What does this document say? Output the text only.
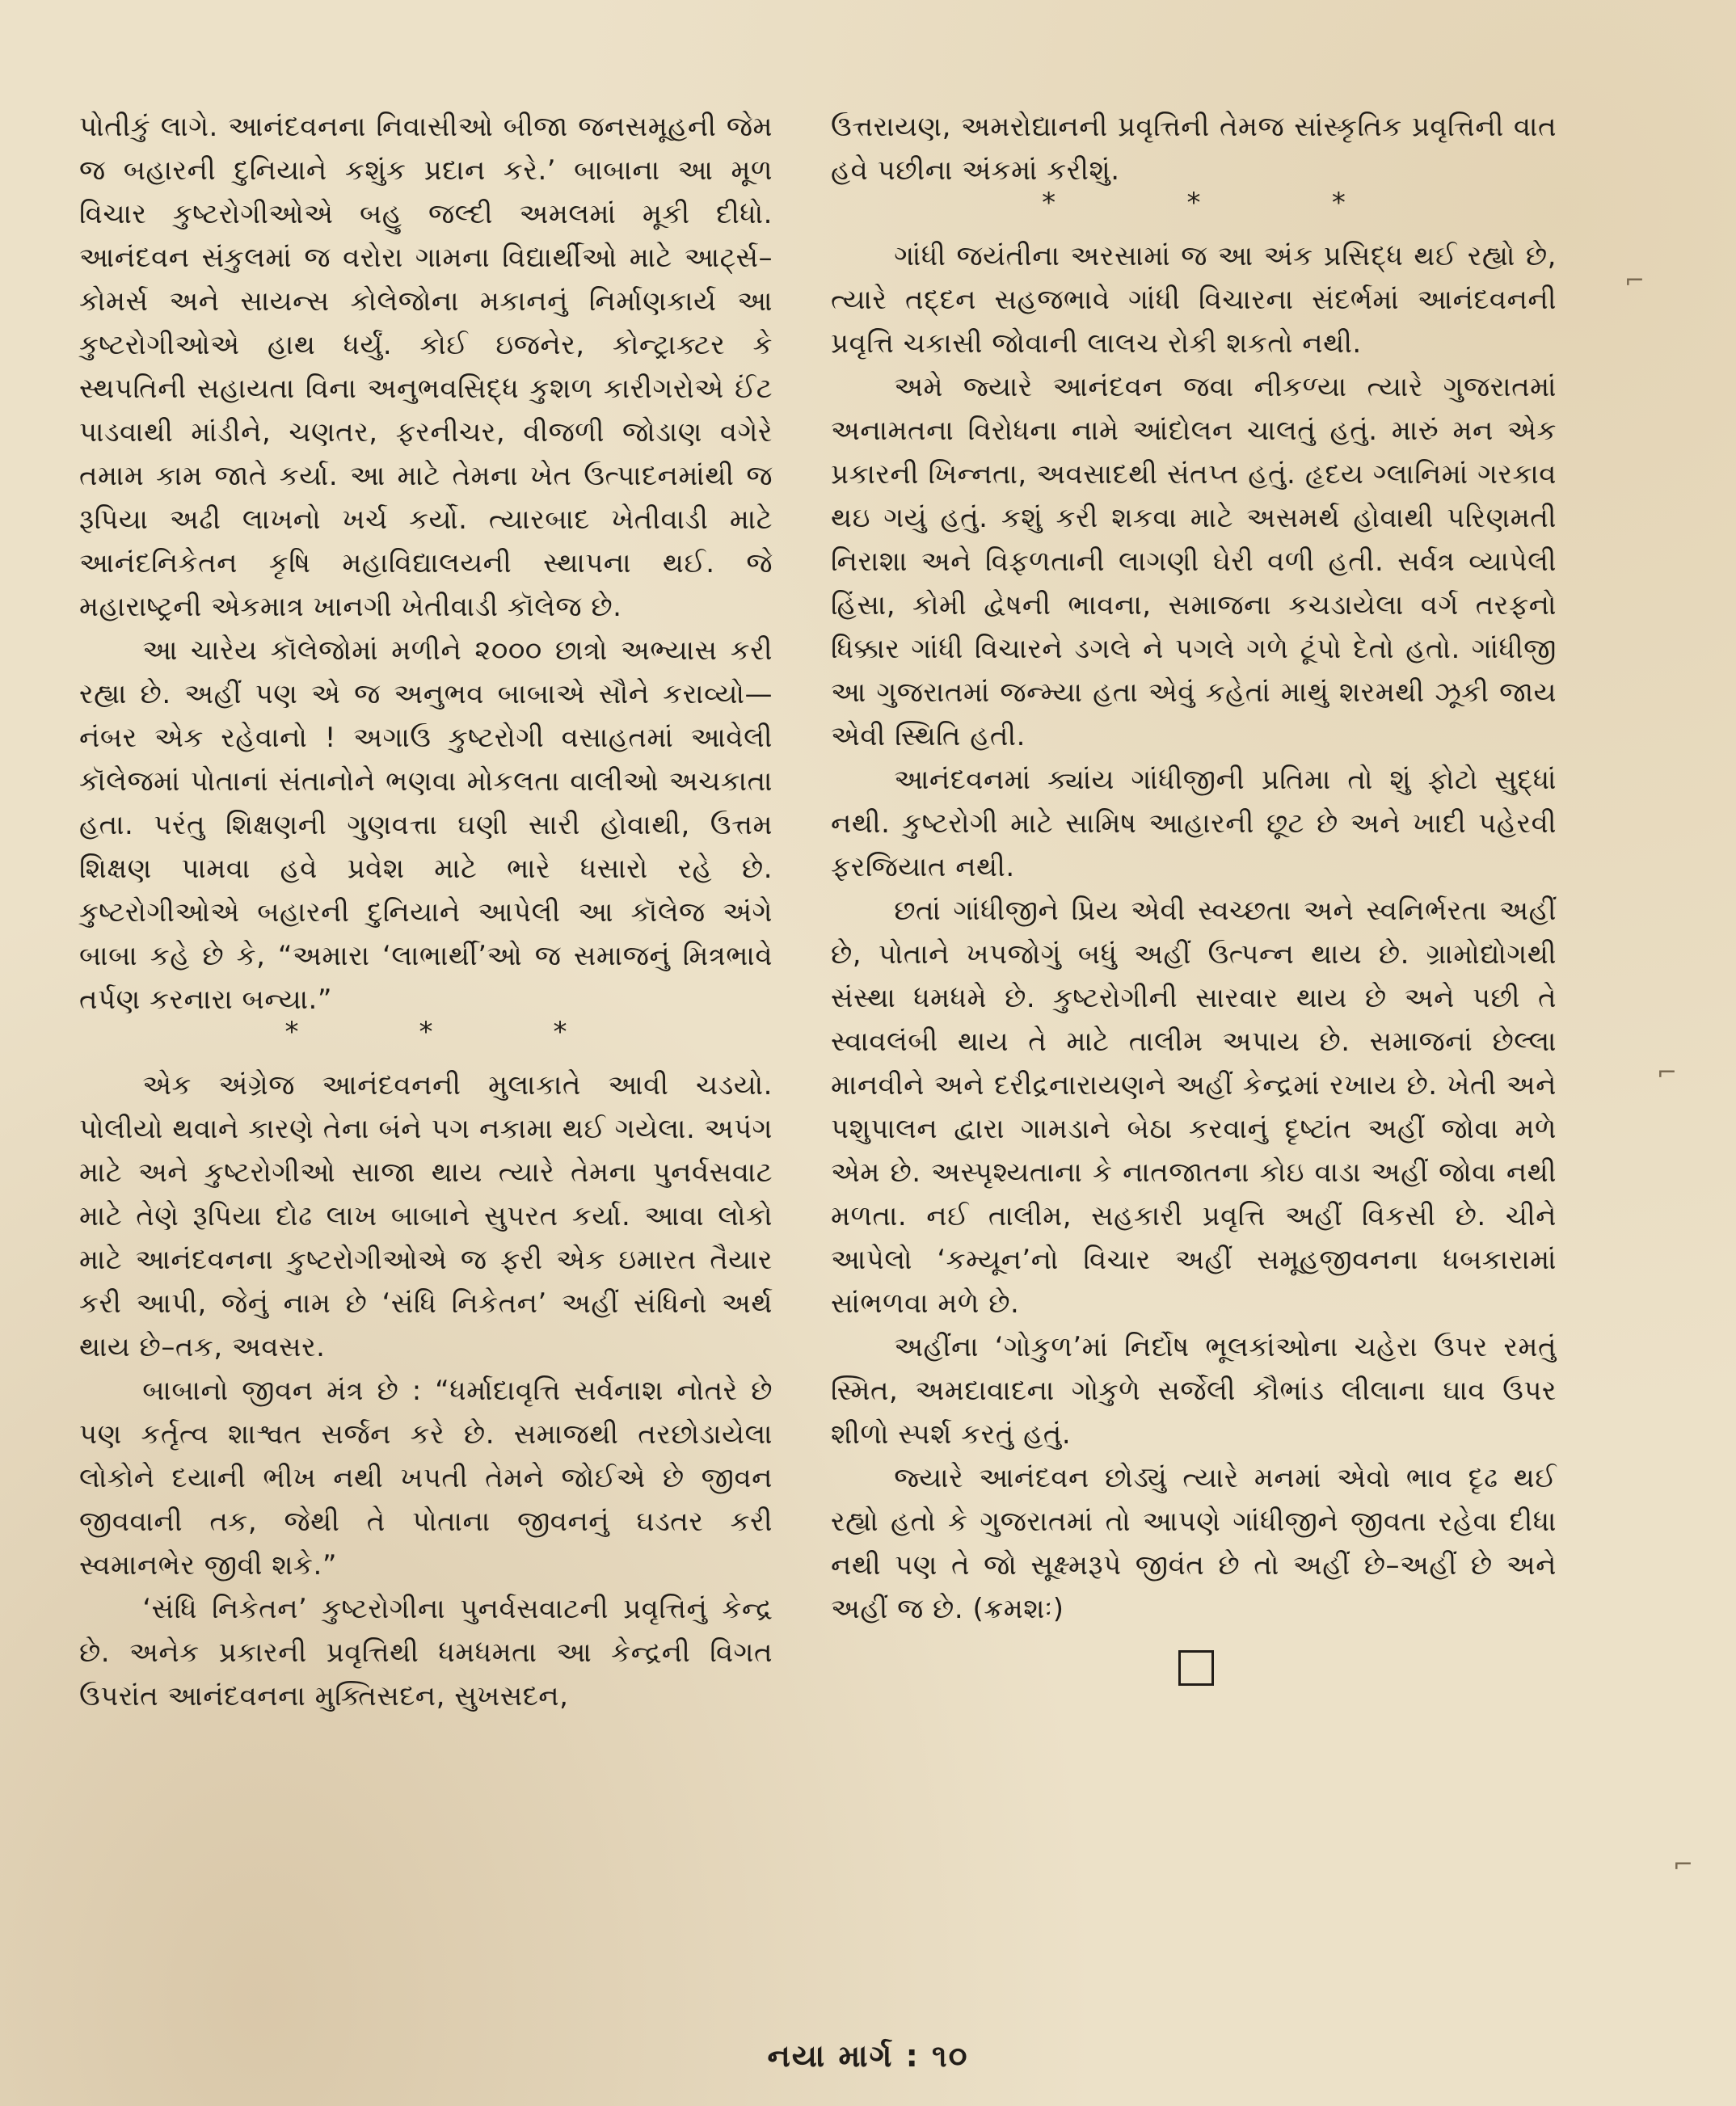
પોતીકું લાગે. આનંદવનના નિવાસીઓ બીજા જનસમૂહની જેમ જ બહારની દુનિયાને કશુંક પ્રદાન કરે.’ બાબાના આ મૂળ વિચાર કુષ્ટરોગીઓએ બહુ જલ્દી અમલમાં મૂકી દીધો. આનંદવન સંકુલમાં જ વરોરા ગામના વિદ્યાર્થીઓ માટે આર્ટ્સ–કોમર્સ અને સાયન્સ કોલેજોના મકાનનું નિર્માણકાર્ય આ કુષ્ટરોગીઓએ હાથ ધર્યું. કોઈ ઇજનેર, કોન્ટ્રાક્ટર કે સ્થપતિની સહાયતા વિના અનુભવસિદ્ધ કુશળ કારીગરોએ ઈંટ પાડવાથી માંડીને, ચણતર, ફરનીચર, વીજળી જોડાણ વગેરે તમામ કામ જાતે કર્યા. આ માટે તેમના ખેત ઉત્પાદનમાંથી જ રૂપિયા અઢી લાખનો ખર્ચ કર્યો. ત્યારબાદ ખેતીવાડી માટે આનંદનિકેતન કૃષિ મહાવિદ્યાલયની સ્થાપના થઈ. જે મહારાષ્ટ્રની એકમાત્ર ખાનગી ખેતીવાડી કૉલેજ છે.

આ ચારેય કૉલેજોમાં મળીને ૨૦૦૦ છાત્રો અભ્યાસ કરી રહ્યા છે. અહીં પણ એ જ અનુભવ બાબાએ સૌને કરાવ્યો—નંબર એક રહેવાનો ! અગાઉ કુષ્ટરોગી વસાહતમાં આવેલી કૉલેજમાં પોતાનાં સંતાનોને ભણવા મોકલતા વાલીઓ અચકાતા હતા. પરંતુ શિક્ષણની ગુણવત્તા ઘણી સારી હોવાથી, ઉત્તમ શિક્ષણ પામવા હવે પ્રવેશ માટે ભારે ધસારો રહે છે. કુષ્ટરોગીઓએ બહારની દુનિયાને આપેલી આ કૉલેજ અંગે બાબા કહે છે કે, “અમારા ‘લાભાર્થી’ઓ જ સમાજનું મિત્રભાવે તર્પણ કરનારા બન્યા.”

*	*	*

એક અંગ્રેજ આનંદવનની મુલાકાતે આવી ચડયો. પોલીયો થવાને કારણે તેના બંને પગ નકામા થઈ ગયેલા. અપંગ માટે અને કુષ્ટરોગીઓ સાજા થાય ત્યારે તેમના પુનર્વસવાટ માટે તેણે રૂપિયા દોઢ લાખ બાબાને સુપરત કર્યા. આવા લોકો માટે આનંદવનના કુષ્ટરોગીઓએ જ ફરી એક ઇમારત તૈયાર કરી આપી, જેનું નામ છે ‘સંધિ નિકેતન’ અહીં સંધિનો અર્થ થાય છે–તક, અવસર.

બાબાનો જીવન મંત્ર છે : “ધર્માદાવૃત્તિ સર્વનાશ નોતરે છે પણ કર્તૃત્વ શાશ્વત સર્જન કરે છે. સમાજથી તરછોડાયેલા લોકોને દયાની ભીખ નથી ખપતી તેમને જોઈએ છે જીવન જીવવાની તક, જેથી તે પોતાના જીવનનું ઘડતર કરી સ્વમાનભેર જીવી શકે.”

‘સંધિ નિકેતન’ કુષ્ટરોગીના પુનર્વસવાટની પ્રવૃત્તિનું કેન્દ્ર છે. અનેક પ્રકારની પ્રવૃત્તિથી ધમધમતા આ કેન્દ્રની વિગત ઉપરાંત આનંદવનના મુક્તિસદન, સુખસદન,

ઉત્તરાયણ, અમરોદ્યાનની પ્રવૃત્તિની તેમજ સાંસ્કૃતિક પ્રવૃત્તિની વાત હવે પછીના અંકમાં કરીશું.

*	*	*

ગાંધી જયંતીના અરસામાં જ આ અંક પ્રસિદ્ધ થઈ રહ્યો છે, ત્યારે તદ્દન સહજભાવે ગાંધી વિચારના સંદર્ભમાં આનંદવનની પ્રવૃત્તિ ચકાસી જોવાની લાલચ રોકી શકતો નથી.

અમે જ્યારે આનંદવન જવા નીકળ્યા ત્યારે ગુજરાતમાં અનામતના વિરોધના નામે આંદોલન ચાલતું હતું. મારું મન એક પ્રકારની ખિન્નતા, અવસાદથી સંતપ્ત હતું. હૃદય ગ્લાનિમાં ગરકાવ થઇ ગયું હતું. કશું કરી શકવા માટે અસમર્થ હોવાથી પરિણમતી નિરાશા અને વિફળતાની લાગણી ઘેરી વળી હતી. સર્વત્ર વ્યાપેલી હિંસા, કોમી દ્વેષની ભાવના, સમાજના કચડાયેલા વર્ગ તરફનો ધિક્કાર ગાંધી વિચારને ડગલે ને પગલે ગળે ટૂંપો દેતો હતો. ગાંધીજી આ ગુજરાતમાં જન્મ્યા હતા એવું કહેતાં માથું શરમથી ઝૂકી જાય એવી સ્થિતિ હતી.

આનંદવનમાં ક્યાંય ગાંધીજીની પ્રતિમા તો શું ફોટો સુદ્ધાં નથી. કુષ્ટરોગી માટે સામિષ આહારની છૂટ છે અને ખાદી પહેરવી ફરજિયાત નથી.

છતાં ગાંધીજીને પ્રિય એવી સ્વચ્છતા અને સ્વનિર્ભરતા અહીં છે, પોતાને ખપજોગું બધું અહીં ઉત્પન્ન થાય છે. ગ્રામોદ્યોગથી સંસ્થા ધમધમે છે. કુષ્ટરોગીની સારવાર થાય છે અને પછી તે સ્વાવલંબી થાય તે માટે તાલીમ અપાય છે. સમાજનાં છેલ્લા માનવીને અને દરીદ્રનારાયણને અહીં કેન્દ્રમાં રખાય છે. ખેતી અને પશુપાલન દ્વારા ગામડાને બેઠા કરવાનું દૃષ્ટાંત અહીં જોવા મળે એમ છે. અસ્પૃશ્યતાના કે નાતજાતના કોઇ વાડા અહીં જોવા નથી મળતા. નઈ તાલીમ, સહકારી પ્રવૃત્તિ અહીં વિકસી છે. ચીને આપેલો ‘કમ્યૂન’નો વિચાર અહીં સમૂહજીવનના ધબકારામાં સાંભળવા મળે છે.

અહીંના ‘ગોકુળ’માં નિર્દોષ ભૂલકાંઓના ચહેરા ઉપર રમતું સ્મિત, અમદાવાદના ગોકુળે સર્જેલી કૌભાંડ લીલાના ઘાવ ઉપર શીળો સ્પર્શ કરતું હતું.

જ્યારે આનંદવન છોડ્યું ત્યારે મનમાં એવો ભાવ દૃઢ થઈ રહ્યો હતો કે ગુજરાતમાં તો આપણે ગાંધીજીને જીવતા રહેવા દીધા નથી પણ તે જો સૂક્ષ્મરૂપે જીવંત છે તો અહીં છે–અહીં છે અને અહીં જ છે. (ક્રમશઃ)

નયા માર્ગ : ૧૦
⌐
⌐
⌐
